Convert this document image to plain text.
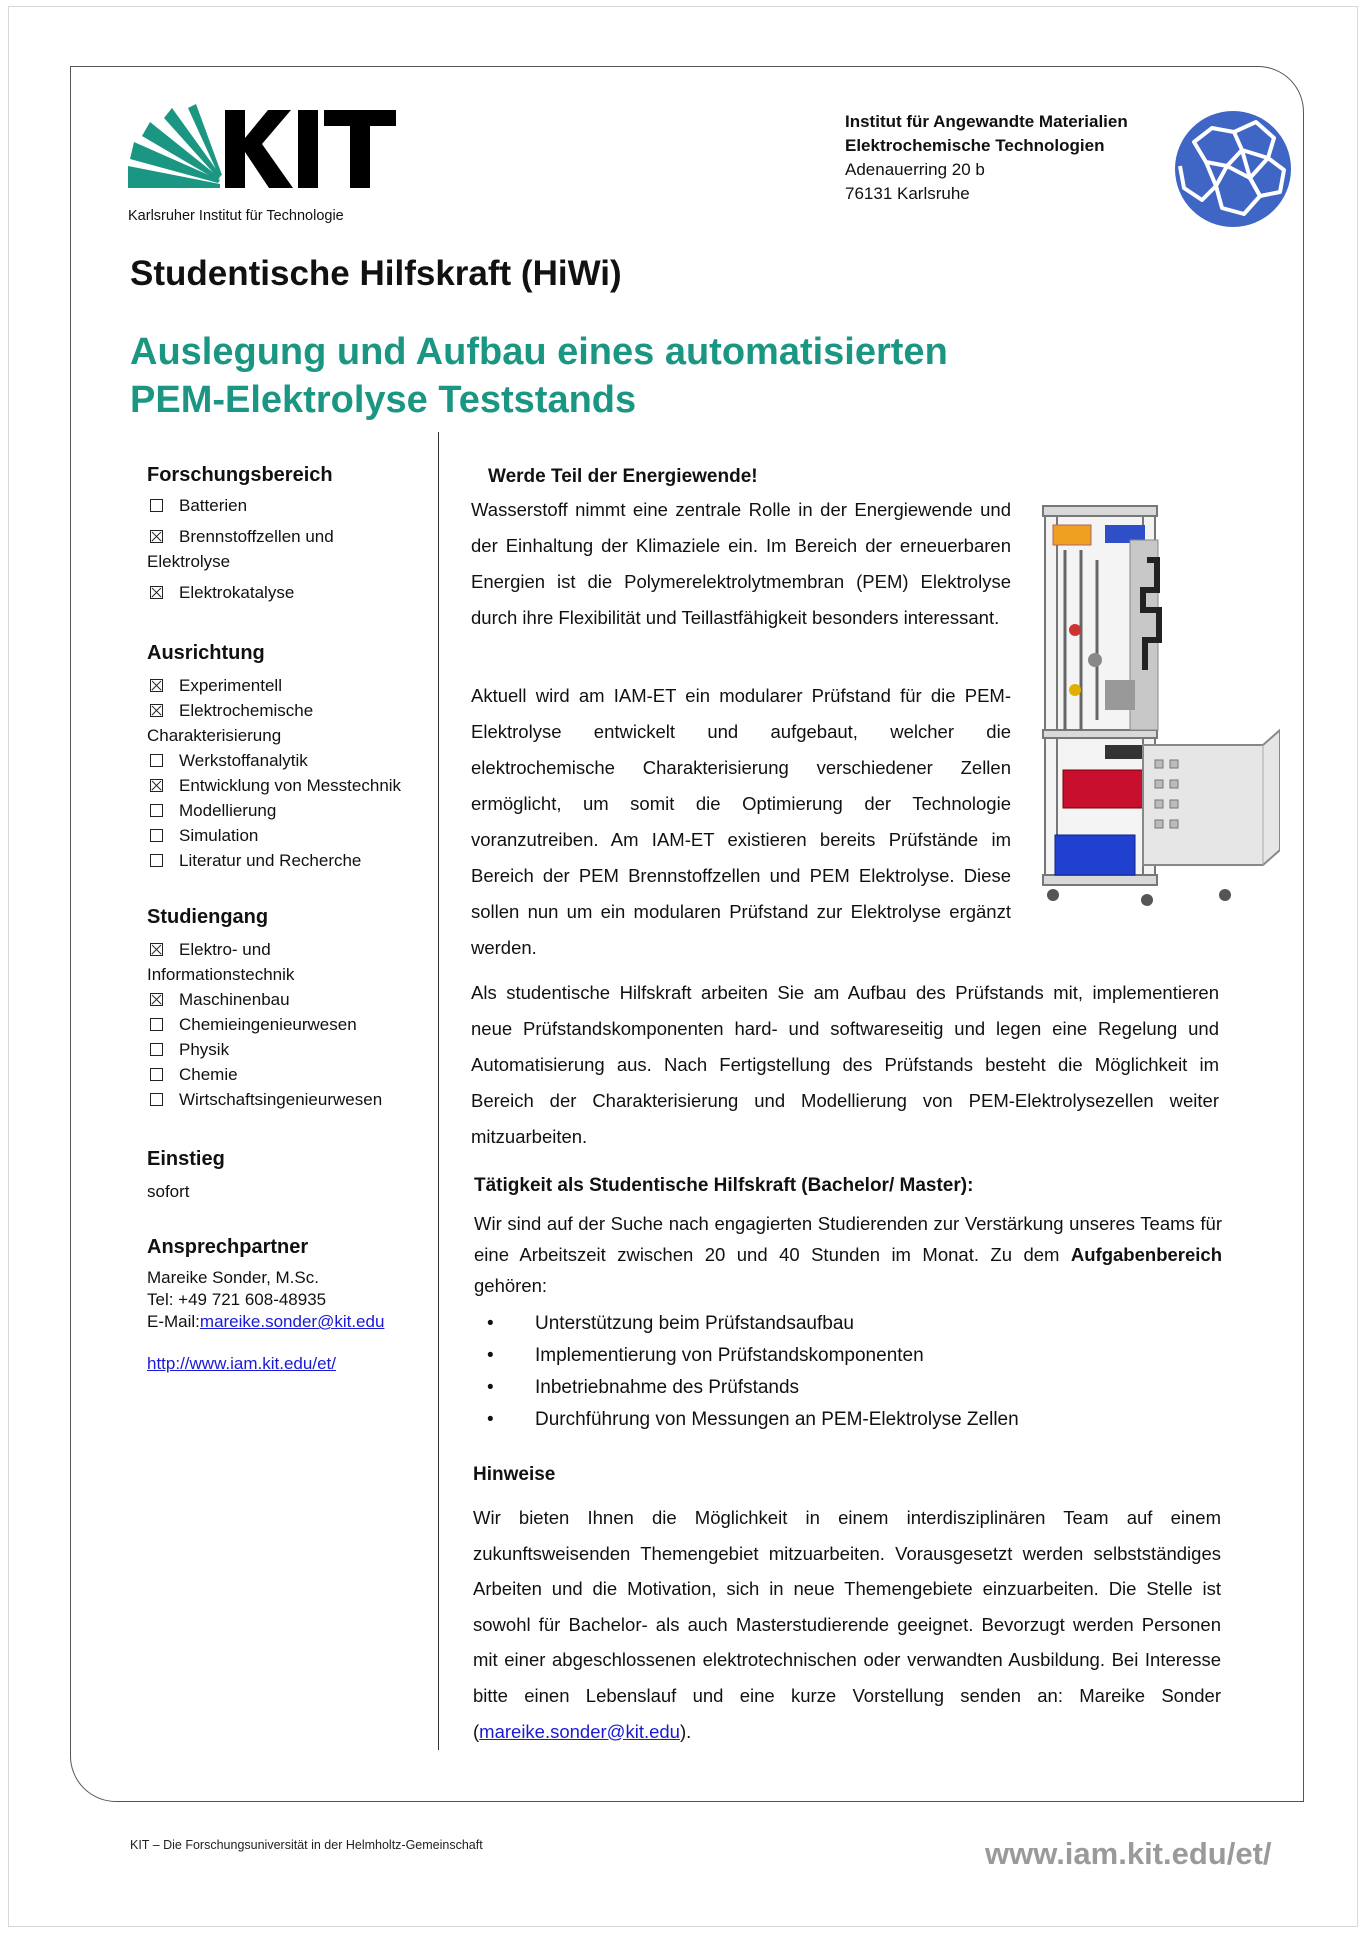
Karlsruher Institut für Technologie
Institut für Angewandte Materialien
Elektrochemische Technologien
Adenauerring 20 b
76131 Karlsruhe
Studentische Hilfskraft (HiWi)
Auslegung und Aufbau eines automatisierten
PEM-Elektrolyse Teststands

Forschungsbereich

Batterien
Brennstoffzellen und
Elektrolyse
Elektrokatalyse

Ausrichtung

Experimentell
Elektrochemische
Charakterisierung
Werkstoffanalytik
Entwicklung von Messtechnik
Modellierung
Simulation
Literatur und Recherche

Studiengang

Elektro- und
Informationstechnik
Maschinenbau
Chemieingenieurwesen
Physik
Chemie
Wirtschaftsingenieurwesen

Einstieg

sofort

Ansprechpartner

Mareike Sonder, M.Sc.
Tel: +49 721 608-48935
E-Mail:mareike.sonder@kit.edu
http://www.iam.kit.edu/et/
Werde Teil der Energiewende!
Wasserstoff nimmt eine zentrale Rolle in der Energiewende und der Einhaltung der Klimaziele ein. Im Bereich der erneuerbaren Energien ist die Polymerelektrolytmembran (PEM) Elektrolyse durch ihre Flexibilität und Teillastfähigkeit besonders interessant.
Aktuell wird am IAM-ET ein modularer Prüfstand für die PEM-Elektrolyse entwickelt und aufgebaut, welcher die elektrochemische Charakterisierung verschiedener Zellen ermöglicht, um somit die Optimierung der Technologie voranzutreiben. Am IAM-ET existieren bereits Prüfstände im Bereich der PEM Brennstoffzellen und PEM Elektrolyse. Diese sollen nun um ein modularen Prüfstand zur Elektrolyse ergänzt werden.
Als studentische Hilfskraft arbeiten Sie am Aufbau des Prüfstands mit, implementieren neue Prüfstandskomponenten hard- und softwareseitig und legen eine Regelung und Automatisierung aus. Nach Fertigstellung des Prüfstands besteht die Möglichkeit im Bereich der Charakterisierung und Modellierung von PEM-Elektrolysezellen weiter mitzuarbeiten.
Tätigkeit als Studentische Hilfskraft (Bachelor/ Master):
Wir sind auf der Suche nach engagierten Studierenden zur Verstärkung unseres Teams für eine Arbeitszeit zwischen 20 und 40 Stunden im Monat. Zu dem Aufgabenbereich gehören:
• Unterstützung beim Prüfstandsaufbau
• Implementierung von Prüfstandskomponenten
• Inbetriebnahme des Prüfstands
• Durchführung von Messungen an PEM-Elektrolyse Zellen
Hinweise
Wir bieten Ihnen die Möglichkeit in einem interdisziplinären Team auf einem zukunftsweisenden Themengebiet mitzuarbeiten. Vorausgesetzt werden selbstständiges Arbeiten und die Motivation, sich in neue Themengebiete einzuarbeiten. Die Stelle ist sowohl für Bachelor- als auch Masterstudierende geeignet. Bevorzugt werden Personen mit einer abgeschlossenen elektrotechnischen oder verwandten Ausbildung. Bei Interesse bitte einen Lebenslauf und eine kurze Vorstellung senden an: Mareike Sonder (mareike.sonder@kit.edu).
KIT – Die Forschungsuniversität in der Helmholtz-Gemeinschaft	www.iam.kit.edu/et/
